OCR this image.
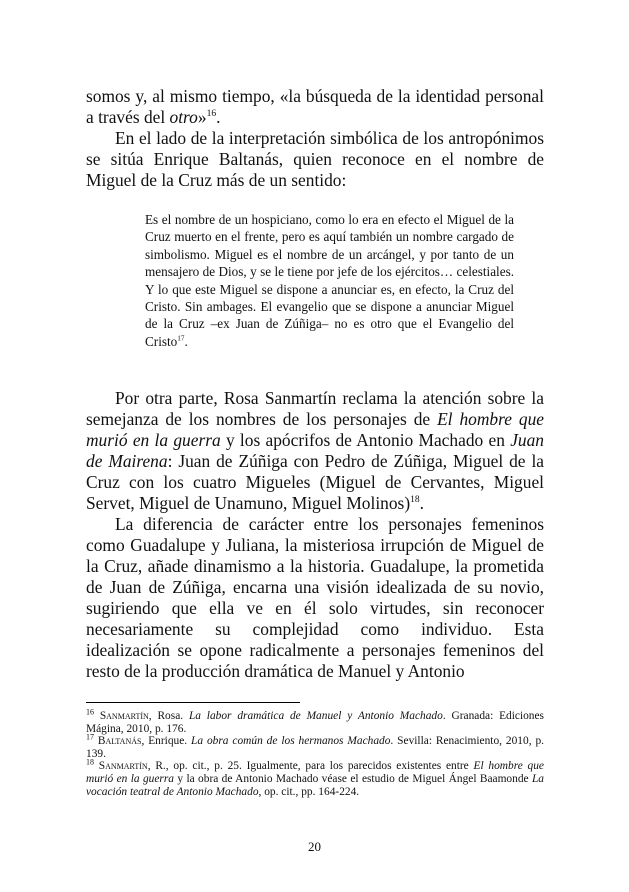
somos y, al mismo tiempo, «la búsqueda de la identidad personal a través del otro»$^{16}$.

En el lado de la interpretación simbólica de los antropónimos se sitúa Enrique Baltanás, quien reconoce en el nombre de Miguel de la Cruz más de un sentido:

Es el nombre de un hospiciano, como lo era en efecto el Miguel de la Cruz muerto en el frente, pero es aquí también un nombre cargado de simbolismo. Miguel es el nombre de un arcángel, y por tanto de un mensajero de Dios, y se le tiene por jefe de los ejércitos… celestiales. Y lo que este Miguel se dispone a anunciar es, en efecto, la Cruz del Cristo. Sin ambages. El evangelio que se dispone a anunciar Miguel de la Cruz –ex Juan de Zúñiga– no es otro que el Evangelio del Cristo$^{17}$.

Por otra parte, Rosa Sanmartín reclama la atención sobre la semejanza de los nombres de los personajes de El hombre que murió en la guerra y los apócrifos de Antonio Machado en Juan de Mairena: Juan de Zúñiga con Pedro de Zúñiga, Miguel de la Cruz con los cuatro Migueles (Miguel de Cervantes, Miguel Servet, Miguel de Unamuno, Miguel Molinos)$^{18}$.

La diferencia de carácter entre los personajes femeninos como Guadalupe y Juliana, la misteriosa irrupción de Miguel de la Cruz, añade dinamismo a la historia. Guadalupe, la prometida de Juan de Zúñiga, encarna una visión idealizada de su novio, sugiriendo que ella ve en él solo virtudes, sin reconocer necesariamente su complejidad como individuo. Esta idealización se opone radicalmente a personajes femeninos del resto de la producción dramática de Manuel y Antonio

$^{16}$ Sanmartín, Rosa. La labor dramática de Manuel y Antonio Machado. Granada: Ediciones Mágina, 2010, p. 176.

$^{17}$ Baltanás, Enrique. La obra común de los hermanos Machado. Sevilla: Renacimiento, 2010, p. 139.

$^{18}$ Sanmartín, R., op. cit., p. 25. Igualmente, para los parecidos existentes entre El hombre que murió en la guerra y la obra de Antonio Machado véase el estudio de Miguel Ángel Baamonde La vocación teatral de Antonio Machado, op. cit., pp. 164-224.

20
